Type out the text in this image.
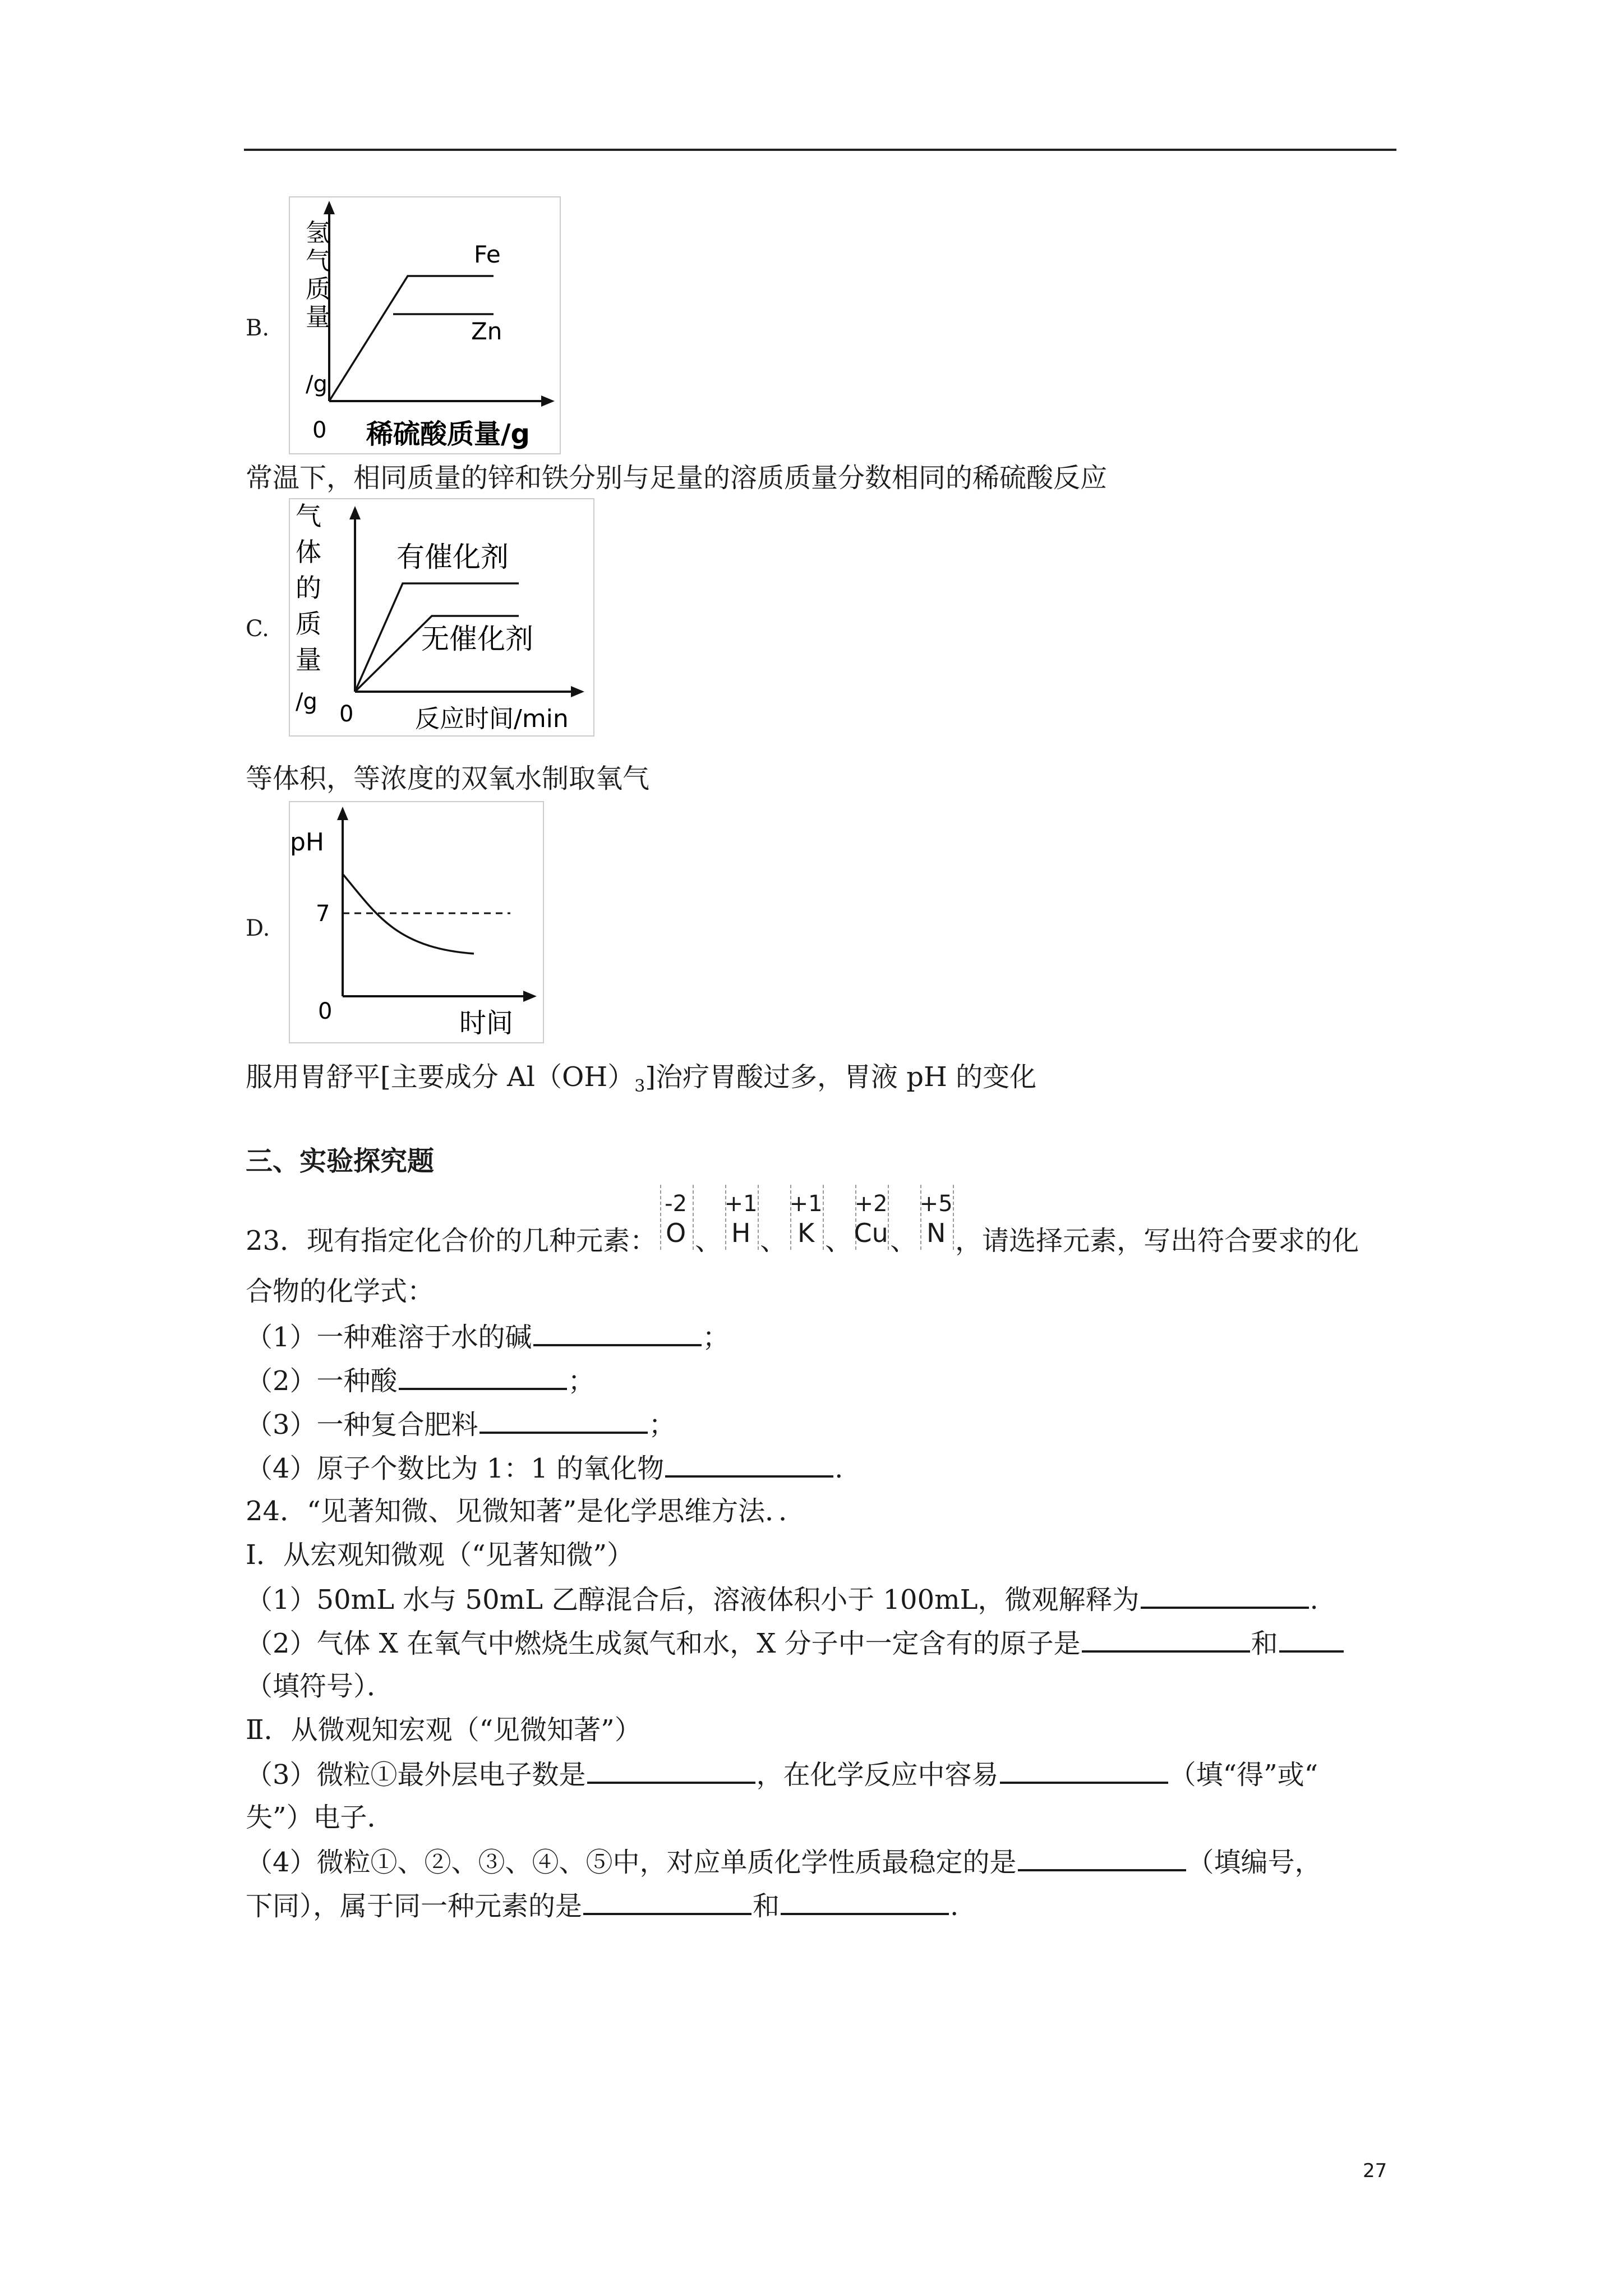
B.
氢
气
质
量
/g
Fe
Zn
0 稀硫酸质量/g
常温下，相同质量的锌和铁分别与足量的溶质质量分数相同的稀硫酸反应
C.
气
体
的
质
量
/g
有催化剂
无催化剂
0 反应时间/min
等体积，等浓度的双氧水制取氧气
D.
pH
7
0	时间
服用胃舒平[主要成分 $Al(OH)_3$]治疗胃酸过多，胃液 pH 的变化
三、实验探究题
23．现有指定化合价的几种元素：
-2
O 、
+1
H 、
+1
K 、
+2
Cu 、
+5
N ，请选择元素，写出符合要求的化
合物的化学式：
（1）一种难溶于水的碱	；
（2）一种酸	；
（3）一种复合肥料	；
（4）原子个数比为 1：1 的氧化物	.
24．“见著知微、见微知著”是化学思维方法．．
Ⅰ．从宏观知微观（“见著知微”）
（1）50mL 水与 50mL 乙醇混合后，溶液体积小于 100mL，微观解释为	.
（2）气体 X 在氧气中燃烧生成氮气和水，X 分子中一定含有的原子是	和
（填符号）．
Ⅱ．从微观知宏观（“见微知著”）
（3）微粒①最外层电子数是	，在化学反应中容易	（填“得”或“
失”）电子．
（4）微粒①、②、③、④、⑤中，对应单质化学性质最稳定的是	（填编号，
下同），属于同一种元素的是	和	.
27
